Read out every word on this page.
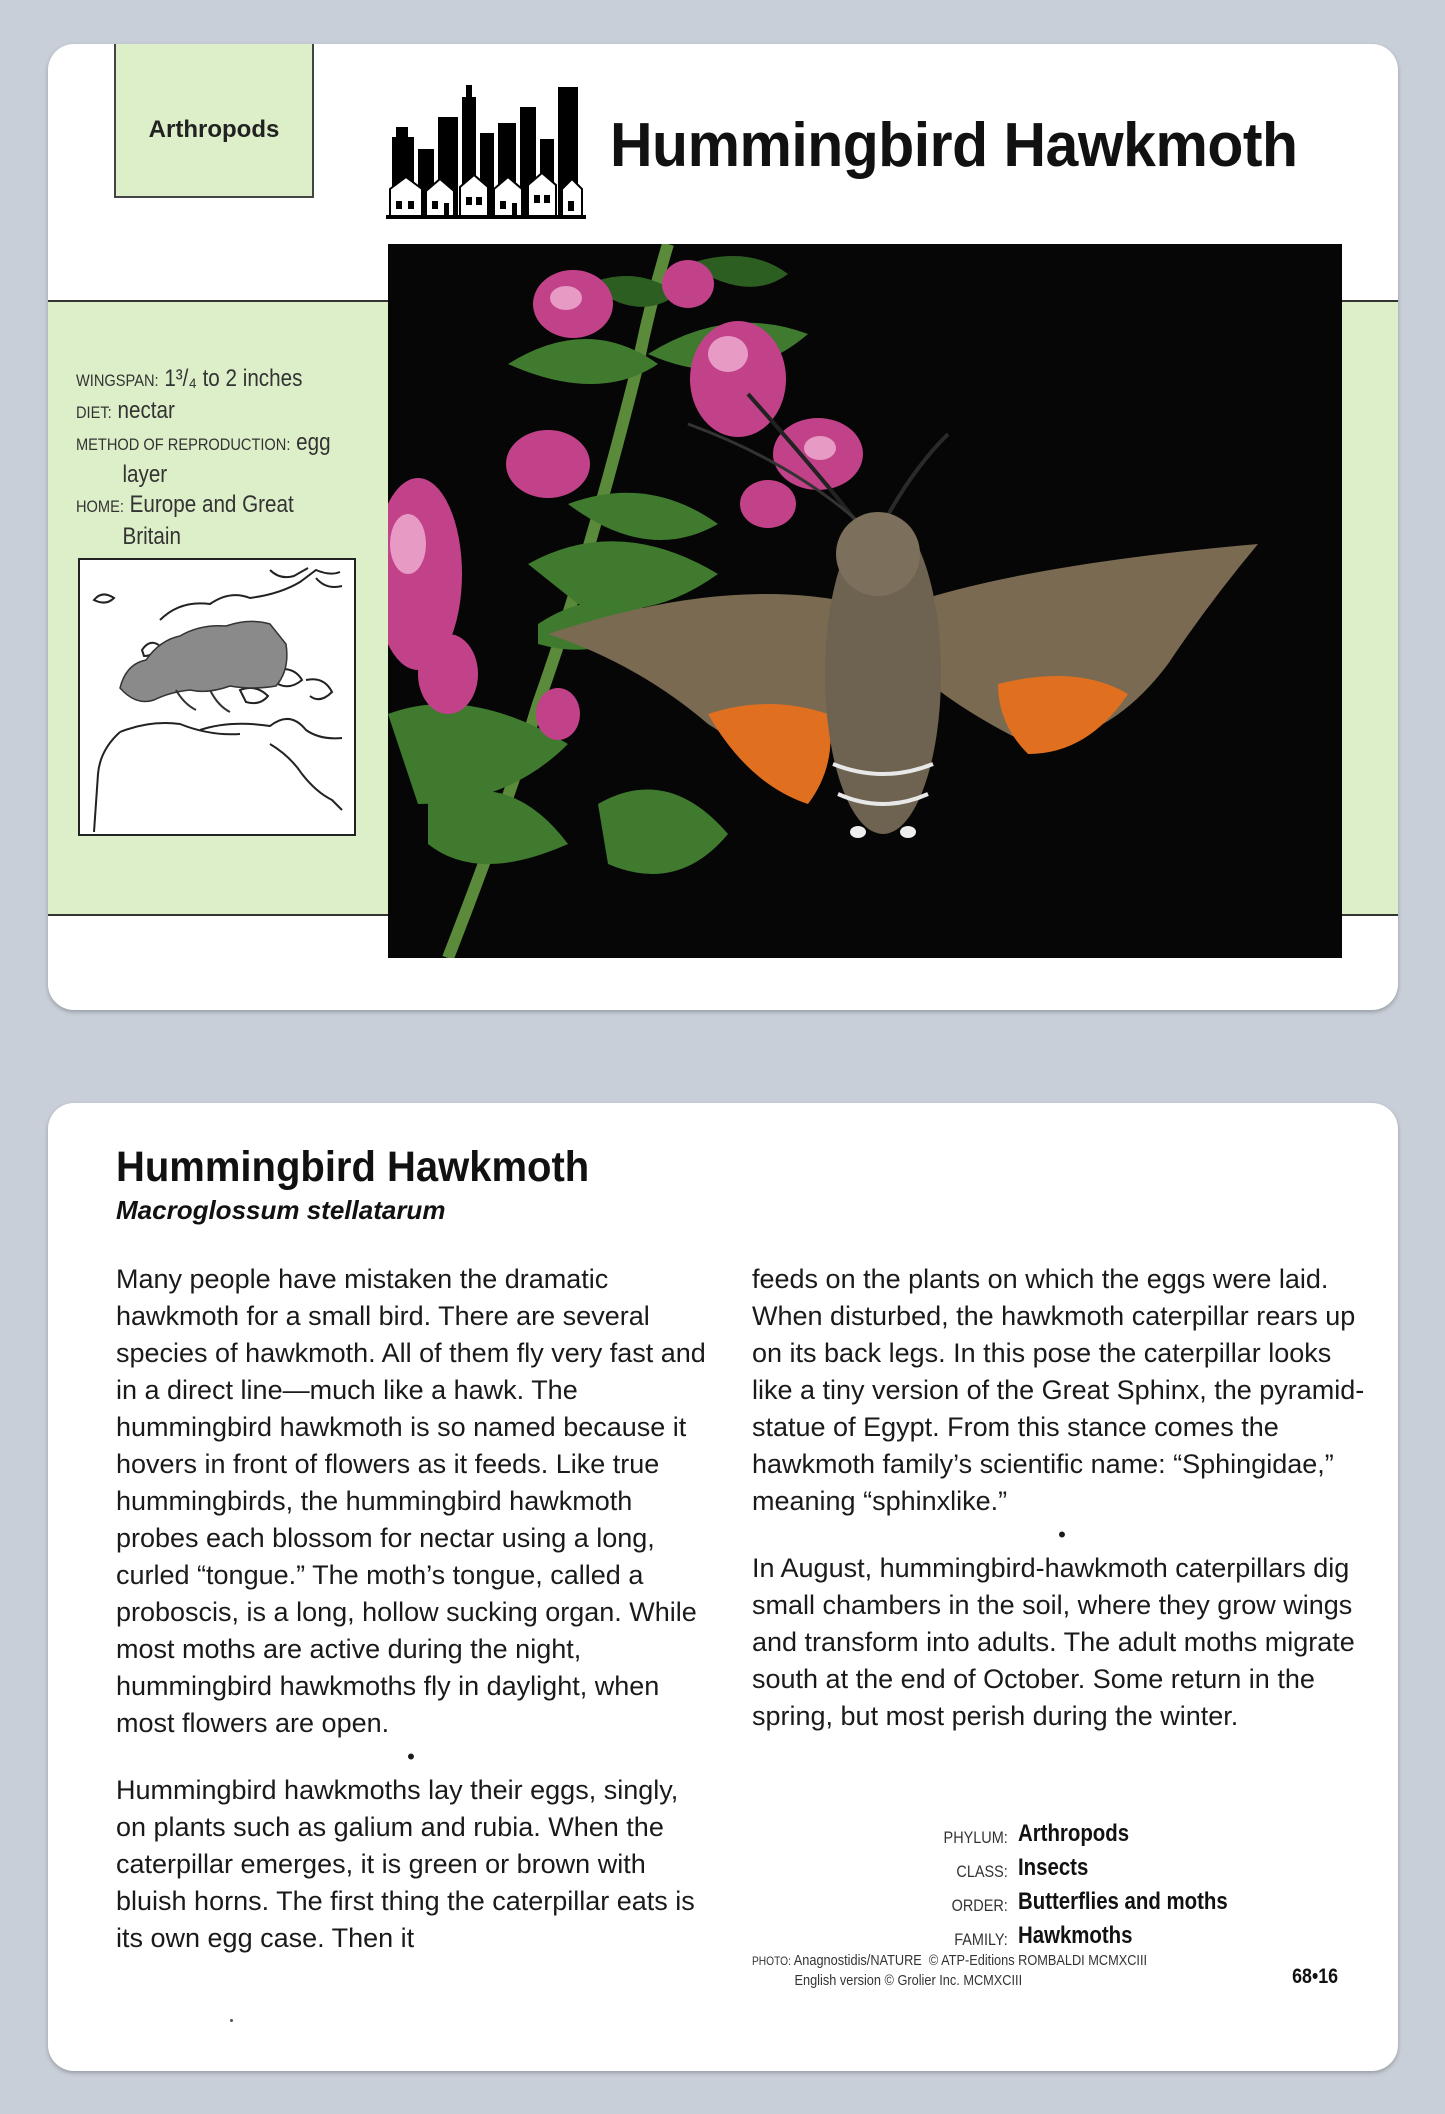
Arthropods	Hummingbird Hawkmoth
WINGSPAN: 1³/₄ to 2 inches
DIET: nectar
METHOD OF REPRODUCTION: egg
layer
HOME: Europe and Great
Britain
Hummingbird Hawkmoth
Macroglossum stellatarum

Many people have mistaken the dramatic hawkmoth for a small bird. There are several species of hawkmoth. All of them fly very fast and in a direct line—much like a hawk. The hummingbird hawkmoth is so named because it hovers in front of flowers as it feeds. Like true hummingbirds, the hummingbird hawkmoth probes each blossom for nectar using a long, curled “tongue.” The moth’s tongue, called a proboscis, is a long, hollow sucking organ. While most moths are active during the night, hummingbird hawkmoths fly in daylight, when most flowers are open.

•

Hummingbird hawkmoths lay their eggs, singly, on plants such as galium and rubia. When the caterpillar emerges, it is green or brown with bluish horns. The first thing the caterpillar eats is its own egg case. Then it

feeds on the plants on which the eggs were laid. When disturbed, the hawkmoth caterpillar rears up on its back legs. In this pose the caterpillar looks like a tiny version of the Great Sphinx, the pyramid-statue of Egypt. From this stance comes the hawkmoth family’s scientific name: “Sphingidae,” meaning “sphinxlike.”

•

In August, hummingbird-hawkmoth caterpillars dig small chambers in the soil, where they grow wings and transform into adults. The adult moths migrate south at the end of October. Some return in the spring, but most perish during the winter.

PHYLUM: Arthropods
CLASS: Insects
ORDER: Butterflies and moths
FAMILY: Hawkmoths
PHOTO: Anagnostidis/NATURE © ATP-Editions ROMBALDI MCMXCIII
English version © Grolier Inc. MCMXCIII	68•16
